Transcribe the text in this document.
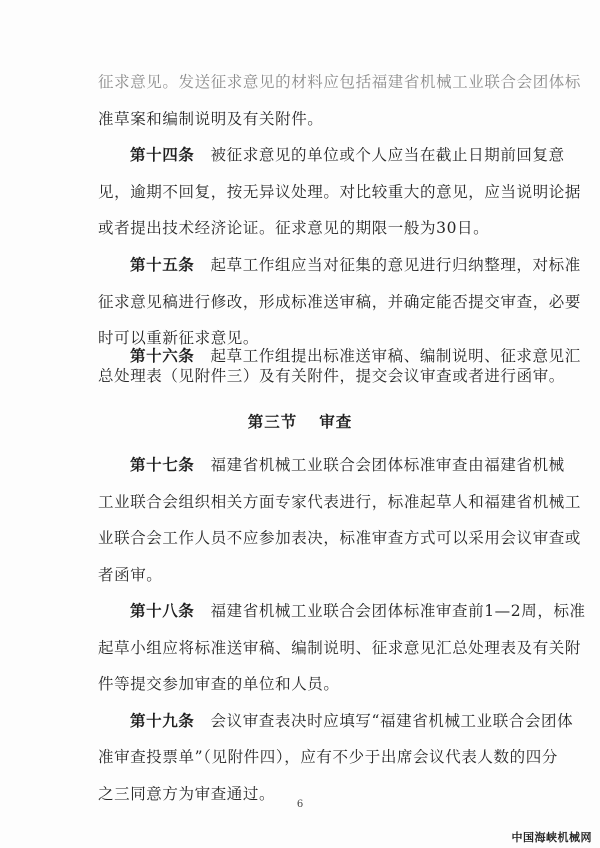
征求意见。发送征求意见的材料应包括福建省机械工业联合会团体标
准草案和编制说明及有关附件。
第十四条　 被征求意见的单位或个人应当在截止日期前回复意
见，逾期不回复，按无异议处理。对比较重大的意见，应当说明论据
或者提出技术经济论证。征求意见的期限一般为30日。
第十五条　 起草工作组应当对征集的意见进行归纳整理，对标准
征求意见稿进行修改，形成标准送审稿，并确定能否提交审查，必要
时可以重新征求意见。
第十六条　 起草工作组提出标准送审稿、编制说明、征求意见汇
总处理表（见附件三）及有关附件，提交会议审查或者进行函审。
第三节 审查
第十七条　 福建省机械工业联合会团体标准审查由福建省机械
工业联合会组织相关方面专家代表进行，标准起草人和福建省机械工
业联合会工作人员不应参加表决，标准审查方式可以采用会议审查或
者函审。
第十八条　 福建省机械工业联合会团体标准审查前1—2周，标准
起草小组应将标准送审稿、编制说明、征求意见汇总处理表及有关附
件等提交参加审查的单位和人员。
第十九条　 会议审查表决时应填写“福建省机械工业联合会团体
准审查投票单”（见附件四），应有不少于出席会议代表人数的四分
之三同意方为审查通过。
6
中国海峡机械网
